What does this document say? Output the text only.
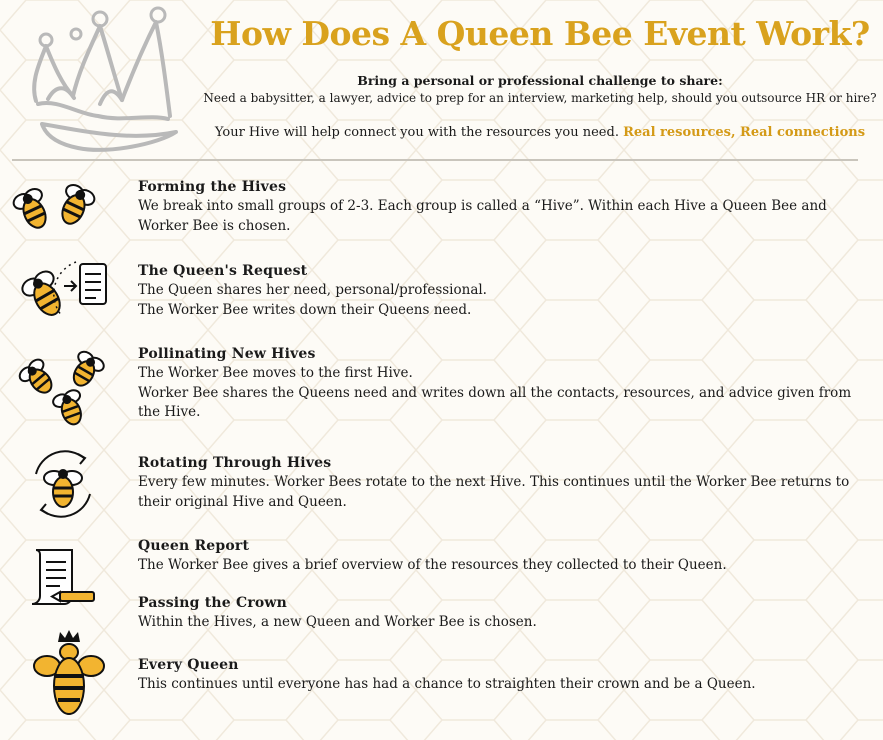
How Does A Queen Bee Event Work?
Bring a personal or professional challenge to share:
Need a babysitter, a lawyer, advice to prep for an interview, marketing help, should you outsource HR or hire?
Your Hive will help connect you with the resources you need. Real resources, Real connections
Forming the Hives
We break into small groups of 2-3. Each group is called a “Hive”. Within each Hive a Queen Bee and
Worker Bee is chosen.
The Queen's Request
The Queen shares her need, personal/professional.
The Worker Bee writes down their Queens need.
Pollinating New Hives
The Worker Bee moves to the first Hive.
Worker Bee shares the Queens need and writes down all the contacts, resources, and advice given from
the Hive.
Rotating Through Hives
Every few minutes. Worker Bees rotate to the next Hive. This continues until the Worker Bee returns to
their original Hive and Queen.
Queen Report
The Worker Bee gives a brief overview of the resources they collected to their Queen.
Passing the Crown
Within the Hives, a new Queen and Worker Bee is chosen.
Every Queen
This continues until everyone has had a chance to straighten their crown and be a Queen.
